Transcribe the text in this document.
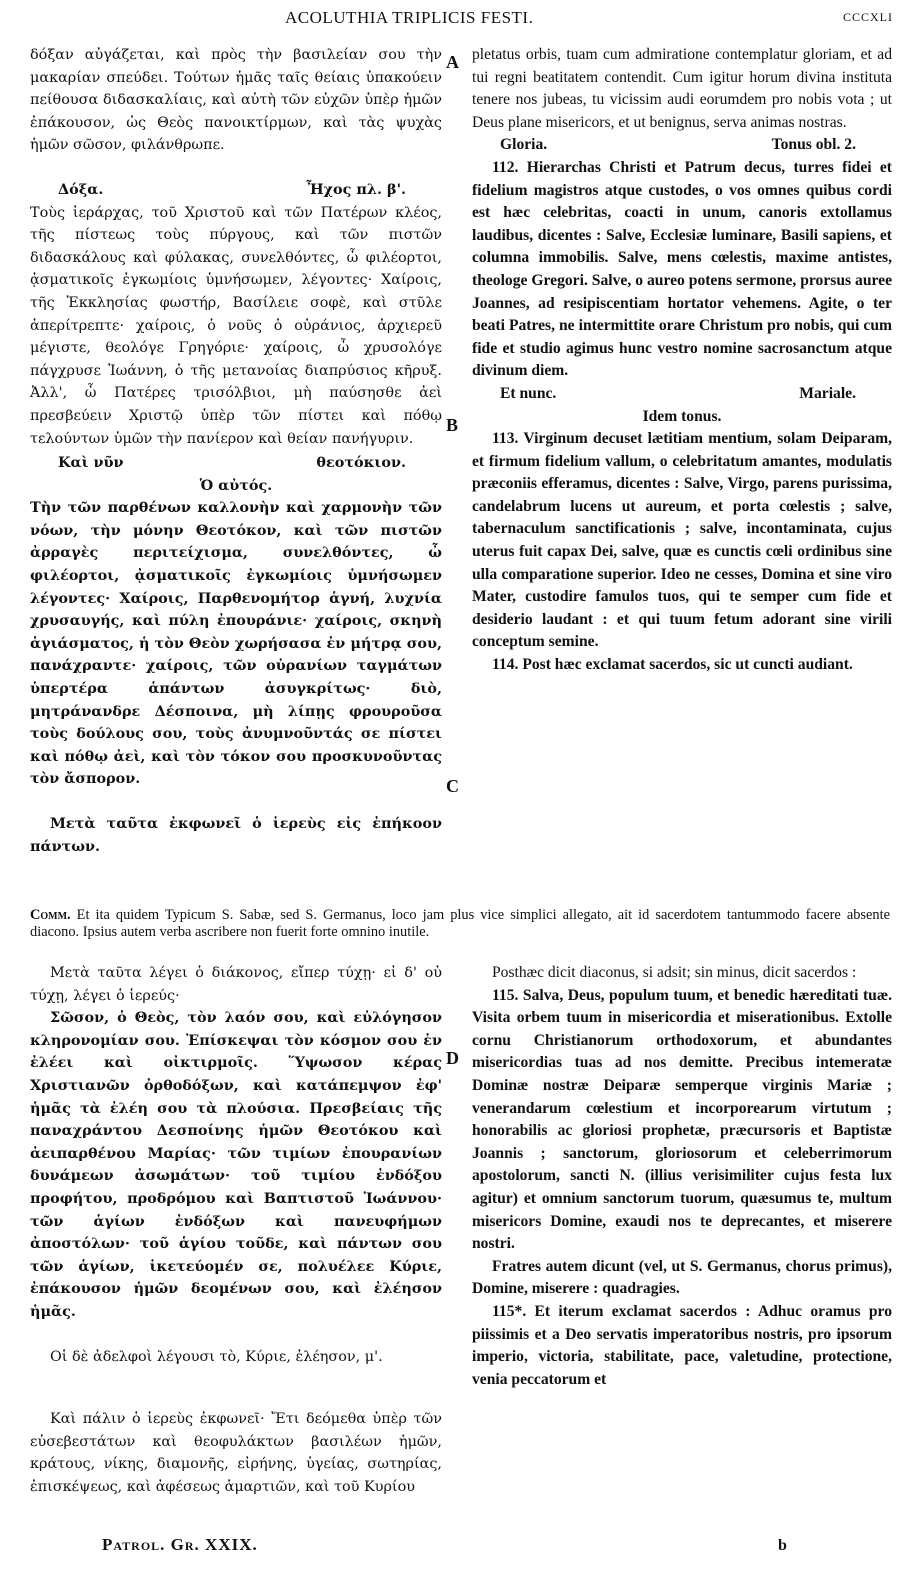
ACOLUTHIA TRIPLICIS FESTI.	CCCXLI
A
B
C
D

δόξαν αὐγάζεται, καὶ πρὸς τὴν βασιλείαν σου τὴν μακαρίαν σπεύδει. Τούτων ἡμᾶς ταῖς θείαις ὑπακούειν πείθουσα διδασκαλίαις, καὶ αὐτὴ τῶν εὐχῶν ὑπὲρ ἡμῶν ἐπάκουσον, ὡς Θεὸς πανοικτίρμων, καὶ τὰς ψυχὰς ἡμῶν σῶσον, φιλάνθρωπε.

Δόξα.	Ἦχος πλ. β'.

Τοὺς ἱεράρχας, τοῦ Χριστοῦ καὶ τῶν Πατέρων κλέος, τῆς πίστεως τοὺς πύργους, καὶ τῶν πιστῶν διδασκάλους καὶ φύλακας, συνελθόντες, ὦ φιλέορτοι, ᾀσματικοῖς ἐγκωμίοις ὑμνήσωμεν, λέγοντες· Χαίροις, τῆς Ἐκκλησίας φωστήρ, Βασίλειε σοφὲ, καὶ στῦλε ἀπερίτρεπτε· χαίροις, ὁ νοῦς ὁ οὐράνιος, ἀρχιερεῦ μέγιστε, θεολόγε Γρηγόριε· χαίροις, ὦ χρυσολόγε πάγχρυσε Ἰωάννη, ὁ τῆς μετανοίας διαπρύσιος κῆρυξ. Ἀλλ', ὦ Πατέρες τρισόλβιοι, μὴ παύσησθε ἀεὶ πρεσβεύειν Χριστῷ ὑπὲρ τῶν πίστει καὶ πόθῳ τελούντων ὑμῶν τὴν πανίερον καὶ θείαν πανήγυριν.

Καὶ νῦν	θεοτόκιον.
Ὁ αὐτός.

Τὴν τῶν παρθένων καλλονὴν καὶ χαρμονὴν τῶν νόων, τὴν μόνην Θεοτόκον, καὶ τῶν πιστῶν ἀρραγὲς περιτείχισμα, συνελθόντες, ὦ φιλέορτοι, ᾀσματικοῖς ἐγκωμίοις ὑμνήσωμεν λέγοντες· Χαίροις, Παρθενομήτορ ἁγνή, λυχνία χρυσαυγής, καὶ πύλη ἐπουράνιε· χαίροις, σκηνὴ ἁγιάσματος, ἡ τὸν Θεὸν χωρήσασα ἐν μήτρᾳ σου, πανάχραντε· χαίροις, τῶν οὐρανίων ταγμάτων ὑπερτέρα ἁπάντων ἀσυγκρίτως· διὸ, μητράνανδρε Δέσποινα, μὴ λίπῃς φρουροῦσα τοὺς δούλους σου, τοὺς ἀνυμνοῦντάς σε πίστει καὶ πόθῳ ἀεὶ, καὶ τὸν τόκον σου προσκυνοῦντας τὸν ἄσπορον.

Μετὰ ταῦτα ἐκφωνεῖ ὁ ἱερεὺς εἰς ἐπήκοον πάντων.

pletatus orbis, tuam cum admiratione contemplatur gloriam, et ad tui regni beatitatem contendit. Cum igitur horum divina instituta tenere nos jubeas, tu vicissim audi eorumdem pro nobis vota ; ut Deus plane misericors, et ut benignus, serva animas nostras.

Gloria.	Tonus obl. 2.

112. Hierarchas Christi et Patrum decus, turres fidei et fidelium magistros atque custodes, o vos omnes quibus cordi est hæc celebritas, coacti in unum, canoris extollamus laudibus, dicentes : Salve, Ecclesiæ luminare, Basili sapiens, et columna immobilis. Salve, mens cœlestis, maxime antistes, theologe Gregori. Salve, o aureo potens sermone, prorsus auree Joannes, ad resipiscentiam hortator vehemens. Agite, o ter beati Patres, ne intermittite orare Christum pro nobis, qui cum fide et studio agimus hunc vestro nomine sacrosanctum atque divinum diem.

Et nunc.	Mariale.
Idem tonus.

113. Virginum decuset lætitiam mentium, solam Deiparam, et firmum fidelium vallum, o celebritatum amantes, modulatis præconiis efferamus, dicentes : Salve, Virgo, parens purissima, candelabrum lucens ut aureum, et porta cœlestis ; salve, tabernaculum sanctificationis ; salve, incontaminata, cujus uterus fuit capax Dei, salve, quæ es cunctis cœli ordinibus sine ulla comparatione superior. Ideo ne cesses, Domina et sine viro Mater, custodire famulos tuos, qui te semper cum fide et desiderio laudant : et qui tuum fetum adorant sine virili conceptum semine.

114. Post hæc exclamat sacerdos, sic ut cuncti audiant.

Comm. Et ita quidem Typicum S. Sabæ, sed S. Germanus, loco jam plus vice simplici allegato, ait id sacerdotem tantummodo facere absente diacono. Ipsius autem verba ascribere non fuerit forte omnino inutile.

Μετὰ ταῦτα λέγει ὁ διάκονος, εἴπερ τύχῃ· εἰ δ' οὐ τύχῃ, λέγει ὁ ἱερεύς·

Σῶσον, ὁ Θεὸς, τὸν λαόν σου, καὶ εὐλόγησον κληρονομίαν σου. Ἐπίσκεψαι τὸν κόσμον σου ἐν ἐλέει καὶ οἰκτιρμοῖς. Ὕψωσον κέρας Χριστιανῶν ὀρθοδόξων, καὶ κατάπεμψον ἐφ' ἡμᾶς τὰ ἐλέη σου τὰ πλούσια. Πρεσβείαις τῆς παναχράντου Δεσποίνης ἡμῶν Θεοτόκου καὶ ἀειπαρθένου Μαρίας· τῶν τιμίων ἐπουρανίων δυνάμεων ἀσωμάτων· τοῦ τιμίου ἐνδόξου προφήτου, προδρόμου καὶ Βαπτιστοῦ Ἰωάννου· τῶν ἁγίων ἐνδόξων καὶ πανευφήμων ἀποστόλων· τοῦ ἁγίου τοῦδε, καὶ πάντων σου τῶν ἁγίων, ἱκετεύομέν σε, πολυέλεε Κύριε, ἐπάκουσον ἡμῶν δεομένων σου, καὶ ἐλέησον ἡμᾶς.

Οἱ δὲ ἀδελφοὶ λέγουσι τὸ, Κύριε, ἐλέησον, μ'.

Καὶ πάλιν ὁ ἱερεὺς ἐκφωνεῖ· Ἔτι δεόμεθα ὑπὲρ τῶν εὐσεβεστάτων καὶ θεοφυλάκτων βασιλέων ἡμῶν, κράτους, νίκης, διαμονῆς, εἰρήνης, ὑγείας, σωτηρίας, ἐπισκέψεως, καὶ ἀφέσεως ἁμαρτιῶν, καὶ τοῦ Κυρίου

Posthæc dicit diaconus, si adsit; sin minus, dicit sacerdos :

115. Salva, Deus, populum tuum, et benedic hæreditati tuæ. Visita orbem tuum in misericordia et miserationibus. Extolle cornu Christianorum orthodoxorum, et abundantes misericordias tuas ad nos demitte. Precibus intemeratæ Dominæ nostræ Deiparæ semperque virginis Mariæ ; venerandarum cœlestium et incorporearum virtutum ; honorabilis ac gloriosi prophetæ, præcursoris et Baptistæ Joannis ; sanctorum, gloriosorum et celeberrimorum apostolorum, sancti N. (illius verisimiliter cujus festa lux agitur) et omnium sanctorum tuorum, quæsumus te, multum misericors Domine, exaudi nos te deprecantes, et miserere nostri.

Fratres autem dicunt (vel, ut S. Germanus, chorus primus), Domine, miserere : quadragies.

115*. Et iterum exclamat sacerdos : Adhuc oramus pro piissimis et a Deo servatis imperatoribus nostris, pro ipsorum imperio, victoria, stabilitate, pace, valetudine, protectione, venia peccatorum et

Patrol. Gr. XXIX.	b
